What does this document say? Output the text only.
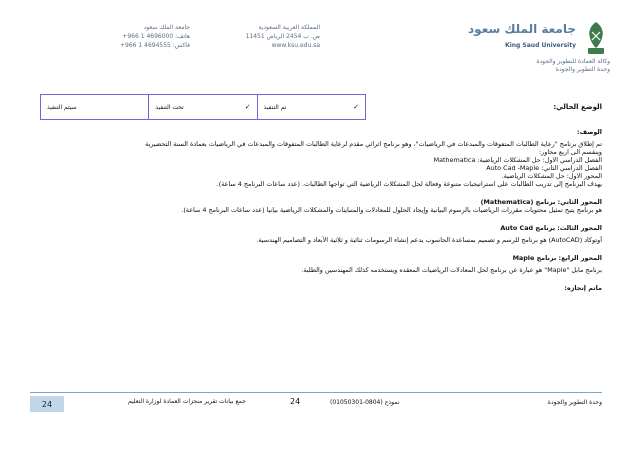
جامعة الملك سعود
هاتف: 4696000 1 966+
فاكس: 4694555 1 966+
المملكة العربية السعودية
ص. ب 2454 الرياض 11451
www.ksu.edu.sa
جامعة الملك سعود
King Saud University
وكالة العمادة للتطوير والجودة
وحدة التطوير والجودة
الوضع الحالي:
تم التنفيذ	✓
تحت التنفيذ	✓
سيتم التنفيذ
الوصف:
تم إطلاق برنامج "رعاية الطالبات المتفوقات والمبدعات في الرياضيات"، وهو برنامج اثرائي مقدم لرعاية الطالبات المتفوقات والمبدعات في الرياضيات بعمادة السنة التحضيرية
وينقسم الى اربع محاور:
الفصل الدراسي الاول: حل المشكلات الرياضية: Mathematica
الفصل الدراسي الثاني: Auto Cad -Maple
المحور الاول: حل المشكلات الرياضية.
يهدف البرنامج إلى تدريب الطالبات على استراتيجيات متنوعة وفعالة لحل المشكلات الرياضية التي تواجها الطالبات. (عدد ساعات البرنامج 4 ساعة).
المحور الثاني: برنامج (Mathematica)
هو برنامج يتيح تمثيل محتويات مقررات الرياضيات بالرسوم البيانية وإيجاد الحلول للمعادلات والمتباينات والمشكلات الرياضية بيانيا (عدد ساعات البرنامج 4 ساعة).
المحور الثالث: برنامج Auto Cad
أوتوكاد (AutoCAD) هو برنامج للرسم و تصميم بمساعدة الحاسوب يدعم إنشاء الرسومات ثنائية و ثلاثية الأبعاد و التصاميم الهندسية.
المحور الرابع: برنامج Maple
برنامج مابل "Maple" هو عبارة عن برنامج لحل المعادلات الرياضيات المعقده ويستخدمه كذلك المهندسين والطلبة.
ماتم إنجازه:
24	جمع بيانات تقرير منجزات العمادة لوزارة التعليم	24	نموذج (0804-01050301)	وحدة التطوير والجودة
